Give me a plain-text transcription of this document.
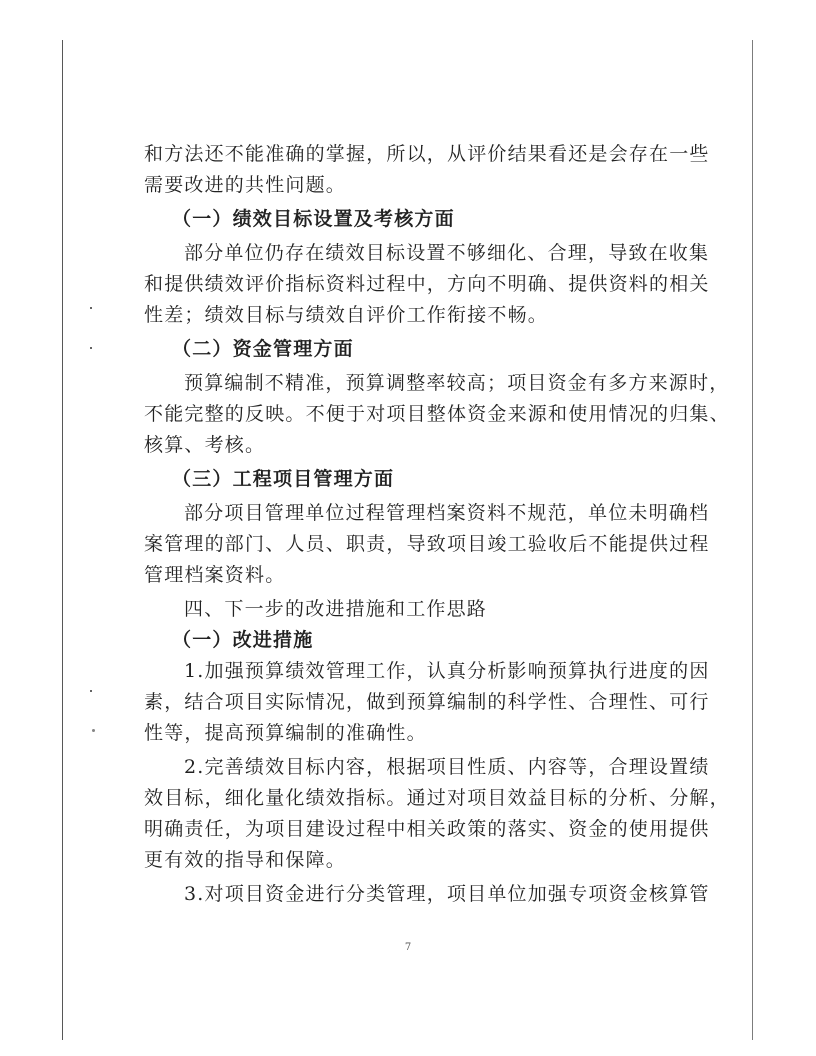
和方法还不能准确的掌握，所以，从评价结果看还是会存在一些
需要改进的共性问题。
（一）绩效目标设置及考核方面
部分单位仍存在绩效目标设置不够细化、合理，导致在收集
和提供绩效评价指标资料过程中，方向不明确、提供资料的相关
性差；绩效目标与绩效自评价工作衔接不畅。
（二）资金管理方面
预算编制不精准，预算调整率较高；项目资金有多方来源时，
不能完整的反映。不便于对项目整体资金来源和使用情况的归集、
核算、考核。
（三）工程项目管理方面
部分项目管理单位过程管理档案资料不规范，单位未明确档
案管理的部门、人员、职责，导致项目竣工验收后不能提供过程
管理档案资料。
四、下一步的改进措施和工作思路
（一）改进措施
1.加强预算绩效管理工作，认真分析影响预算执行进度的因
素，结合项目实际情况，做到预算编制的科学性、合理性、可行
性等，提高预算编制的准确性。
2.完善绩效目标内容，根据项目性质、内容等，合理设置绩
效目标，细化量化绩效指标。通过对项目效益目标的分析、分解，
明确责任，为项目建设过程中相关政策的落实、资金的使用提供
更有效的指导和保障。
3.对项目资金进行分类管理，项目单位加强专项资金核算管
7
